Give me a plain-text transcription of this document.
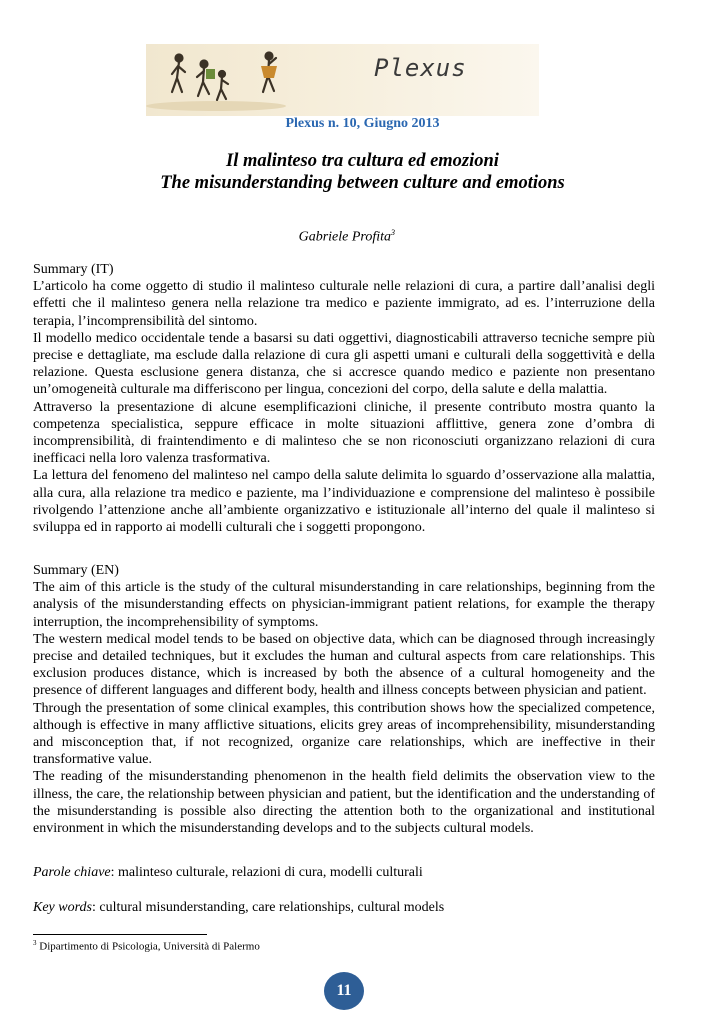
Plexus
Plexus n. 10, Giugno 2013
Il malinteso tra cultura ed emozioni
The misunderstanding between culture and emotions
Gabriele Profita$^3$

Summary (IT)

L’articolo ha come oggetto di studio il malinteso culturale nelle relazioni di cura, a partire dall’analisi degli effetti che il malinteso genera nella relazione tra medico e paziente immigrato, ad es. l’interruzione della terapia, l’incomprensibilità del sintomo.

Il modello medico occidentale tende a basarsi su dati oggettivi, diagnosticabili attraverso tecniche sempre più precise e dettagliate, ma esclude dalla relazione di cura gli aspetti umani e culturali della soggettività e della relazione. Questa esclusione genera distanza, che si accresce quando medico e paziente non presentano un’omogeneità culturale ma differiscono per lingua, concezioni del corpo, della salute e della malattia.

Attraverso la presentazione di alcune esemplificazioni cliniche, il presente contributo mostra quanto la competenza specialistica, seppure efficace in molte situazioni afflittive, genera zone d’ombra di incomprensibilità, di fraintendimento e di malinteso che se non riconosciuti organizzano relazioni di cura inefficaci nella loro valenza trasformativa.

La lettura del fenomeno del malinteso nel campo della salute delimita lo sguardo d’osservazione alla malattia, alla cura, alla relazione tra medico e paziente, ma l’individuazione e comprensione del malinteso è possibile rivolgendo l’attenzione anche all’ambiente organizzativo e istituzionale all’interno del quale il malinteso si sviluppa ed in rapporto ai modelli culturali che i soggetti propongono.

Summary (EN)

The aim of this article is the study of the cultural misunderstanding in care relationships, beginning from the analysis of the misunderstanding effects on physician-immigrant patient relations, for example the therapy interruption, the incomprehensibility of symptoms.

The western medical model tends to be based on objective data, which can be diagnosed through increasingly precise and detailed techniques, but it excludes the human and cultural aspects from care relationships. This exclusion produces distance, which is increased by both the absence of a cultural homogeneity and the presence of different languages and different body, health and illness concepts between physician and patient.

Through the presentation of some clinical examples, this contribution shows how the specialized competence, although is effective in many afflictive situations, elicits grey areas of incomprehensibility, misunderstanding and misconception that, if not recognized, organize care relationships, which are ineffective in their transformative value.

The reading of the misunderstanding phenomenon in the health field delimits the observation view to the illness, the care, the relationship between physician and patient, but the identification and the understanding of the misunderstanding is possible also directing the attention both to the organizational and institutional environment in which the misunderstanding develops and to the subjects cultural models.

Parole chiave: malinteso culturale, relazioni di cura, modelli culturali
Key words: cultural misunderstanding, care relationships, cultural models
$^3$ Dipartimento di Psicologia, Università di Palermo
11
